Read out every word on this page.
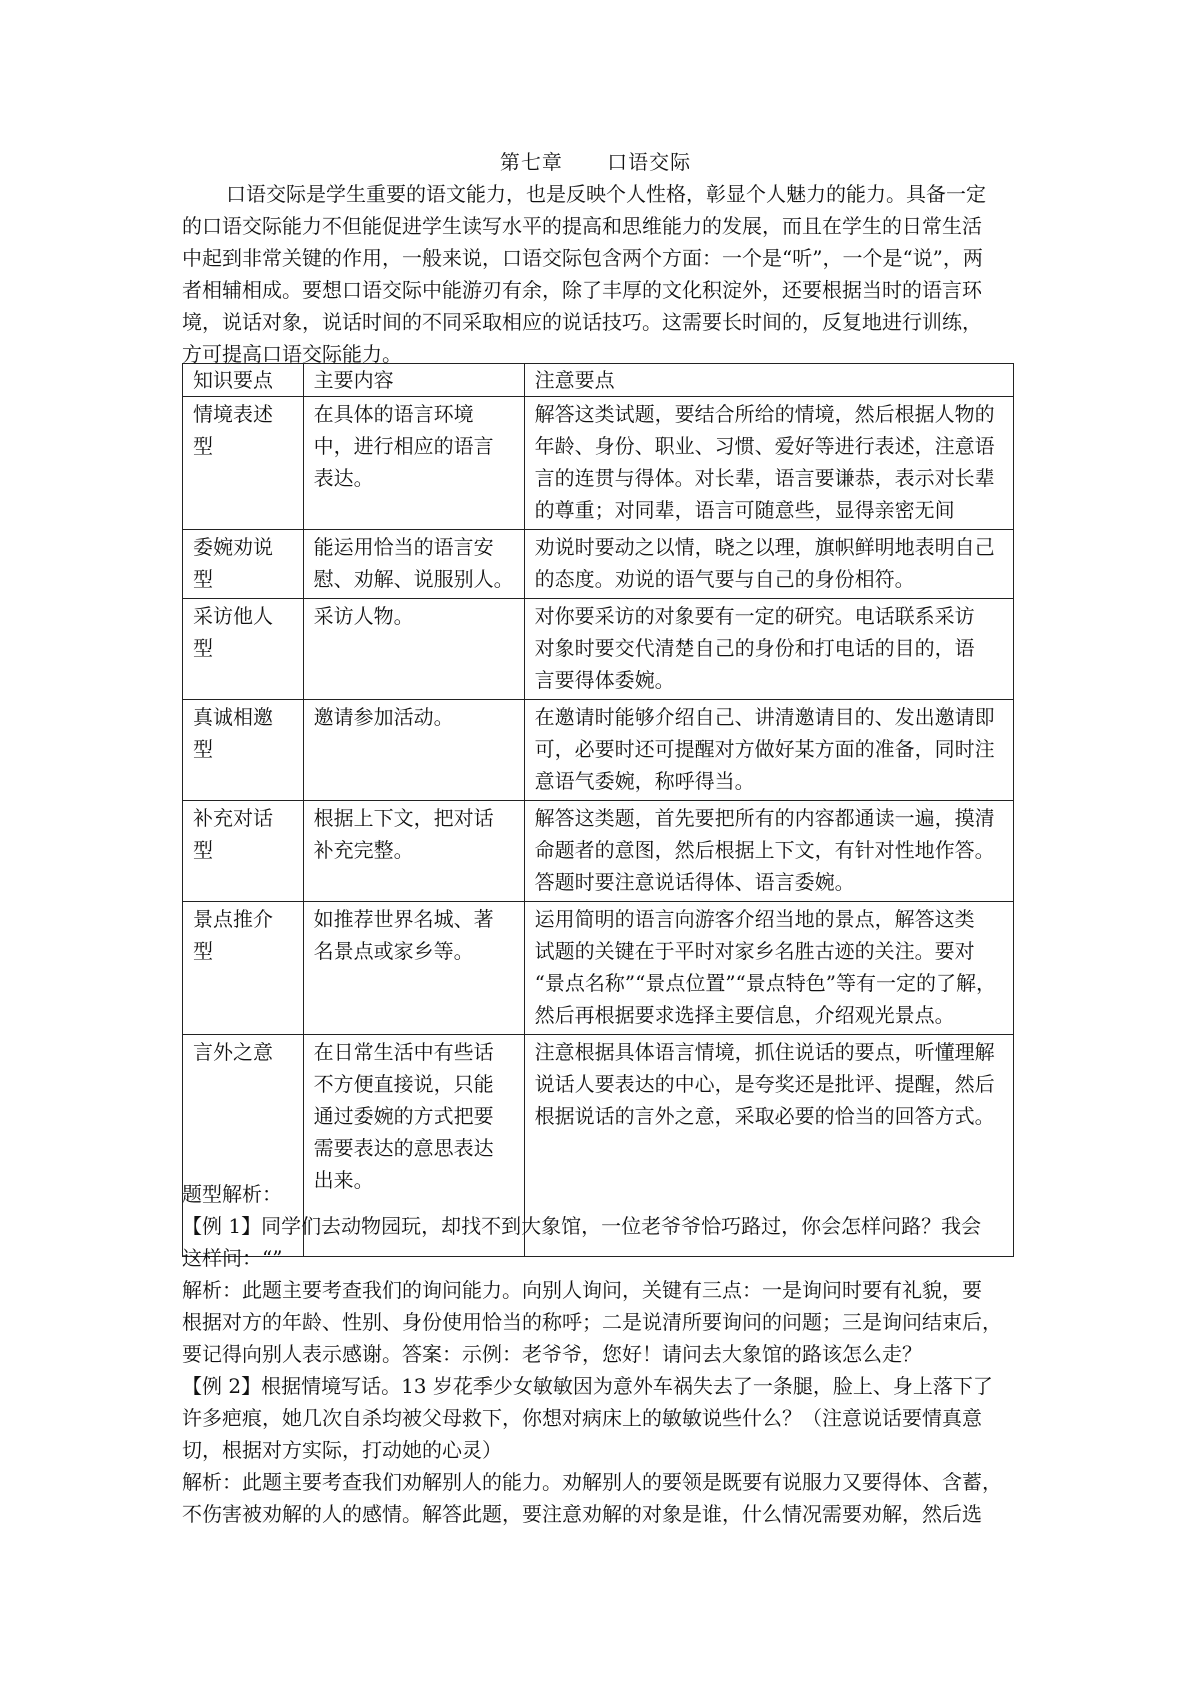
第七章      口语交际
口语交际是学生重要的语文能力，也是反映个人性格，彰显个人魅力的能力。具备一定
的口语交际能力不但能促进学生读写水平的提高和思维能力的发展，而且在学生的日常生活
中起到非常关键的作用，一般来说，口语交际包含两个方面：一个是“听”，一个是“说”，两
者相辅相成。要想口语交际中能游刃有余，除了丰厚的文化积淀外，还要根据当时的语言环
境，说话对象，说话时间的不同采取相应的说话技巧。这需要长时间的，反复地进行训练，
方可提高口语交际能力。
知识要点	主要内容	注意要点
情境表述型	在具体的语言环境
中，进行相应的语言
表达。	解答这类试题，要结合所给的情境，然后根据人物的
年龄、身份、职业、习惯、爱好等进行表述，注意语
言的连贯与得体。对长辈，语言要谦恭，表示对长辈
的尊重；对同辈，语言可随意些，显得亲密无间

委婉劝说型	能运用恰当的语言安
慰、劝解、说服别人。	劝说时要动之以情，晓之以理，旗帜鲜明地表明自己
的态度。劝说的语气要与自己的身份相符。

采访他人型	采访人物。	对你要采访的对象要有一定的研究。电话联系采访
对象时要交代清楚自己的身份和打电话的目的，语
言要得体委婉。

真诚相邀型	邀请参加活动。	在邀请时能够介绍自己、讲清邀请目的、发出邀请即
可，必要时还可提醒对方做好某方面的准备，同时注
意语气委婉，称呼得当。

补充对话型	根据上下文，把对话
补充完整。	解答这类题，首先要把所有的内容都通读一遍，摸清
命题者的意图，然后根据上下文，有针对性地作答。
答题时要注意说话得体、语言委婉。

景点推介型	如推荐世界名城、著
名景点或家乡等。	运用简明的语言向游客介绍当地的景点，解答这类
试题的关键在于平时对家乡名胜古迹的关注。要对
“景点名称”“景点位置”“景点特色”等有一定的了解，
然后再根据要求选择主要信息，介绍观光景点。

言外之意	在日常生活中有些话
不方便直接说，只能
通过委婉的方式把要
需要表达的意思表达
出来。	注意根据具体语言情境，抓住说话的要点，听懂理解
说话人要表达的中心，是夸奖还是批评、提醒，然后
根据说话的言外之意，采取必要的恰当的回答方式。
题型解析：
【例 1】同学们去动物园玩，却找不到大象馆，一位老爷爷恰巧路过，你会怎样问路？我会
这样问：“”
解析：此题主要考查我们的询问能力。向别人询问，关键有三点：一是询问时要有礼貌，要
根据对方的年龄、性别、身份使用恰当的称呼；二是说清所要询问的问题；三是询问结束后，
要记得向别人表示感谢。答案：示例：老爷爷，您好！请问去大象馆的路该怎么走？
【例 2】根据情境写话。13 岁花季少女敏敏因为意外车祸失去了一条腿，脸上、身上落下了
许多疤痕，她几次自杀均被父母救下，你想对病床上的敏敏说些什么？（注意说话要情真意
切，根据对方实际，打动她的心灵）
解析：此题主要考查我们劝解别人的能力。劝解别人的要领是既要有说服力又要得体、含蓄，
不伤害被劝解的人的感情。解答此题，要注意劝解的对象是谁，什么情况需要劝解，然后选
